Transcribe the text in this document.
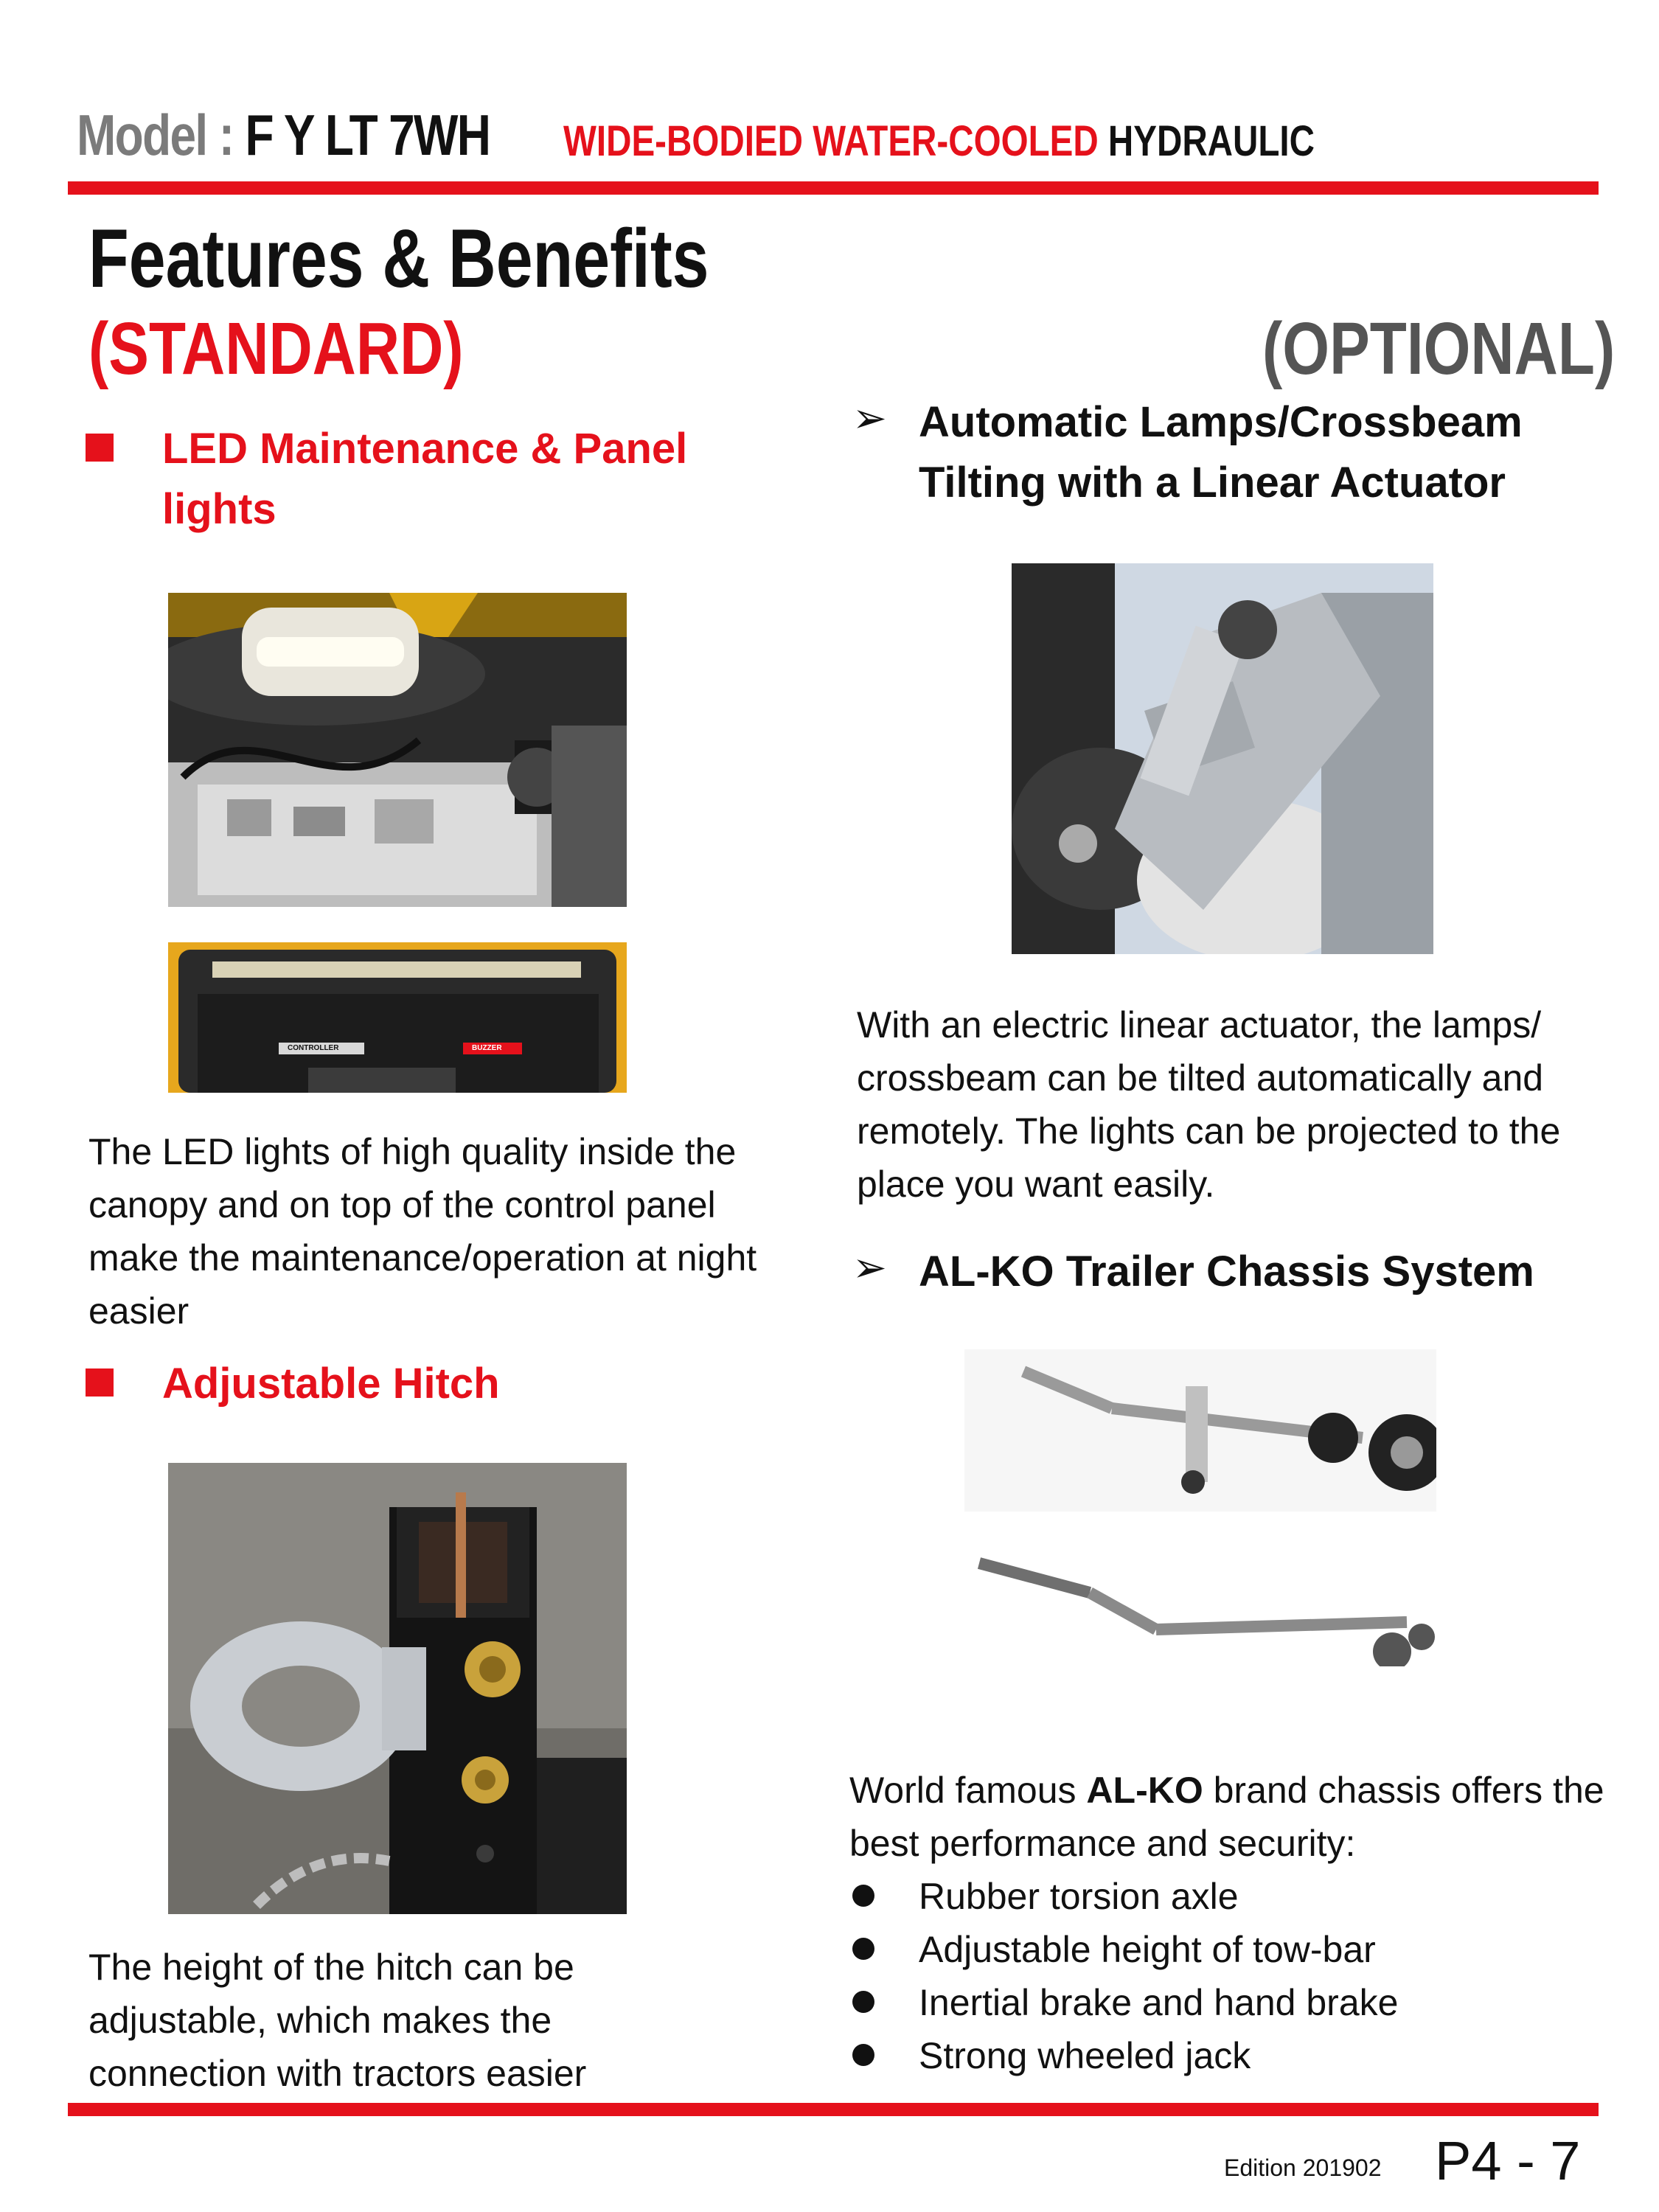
Model : F Y LT 7WH WIDE-BODIED WATER-COOLED HYDRAULIC
Features & Benefits
(STANDARD)	(OPTIONAL)
LED Maintenance & Panel lights
CONTROLLER	BUZZER
The LED lights of high quality inside the canopy and on top of the control panel make the maintenance/operation at night easier
Adjustable Hitch
The height of the hitch can be adjustable, which makes the connection with tractors easier
➢ Automatic Lamps/Crossbeam
Tilting with a Linear Actuator
With an electric linear actuator, the lamps/ crossbeam can be tilted automatically and remotely. The lights can be projected to the place you want easily.
➢ AL-KO Trailer Chassis System
World famous AL-KO brand chassis offers the best performance and security:
Rubber torsion axle
Adjustable height of tow-bar
Inertial brake and hand brake
Strong wheeled jack
Edition 201902 P4 - 7
